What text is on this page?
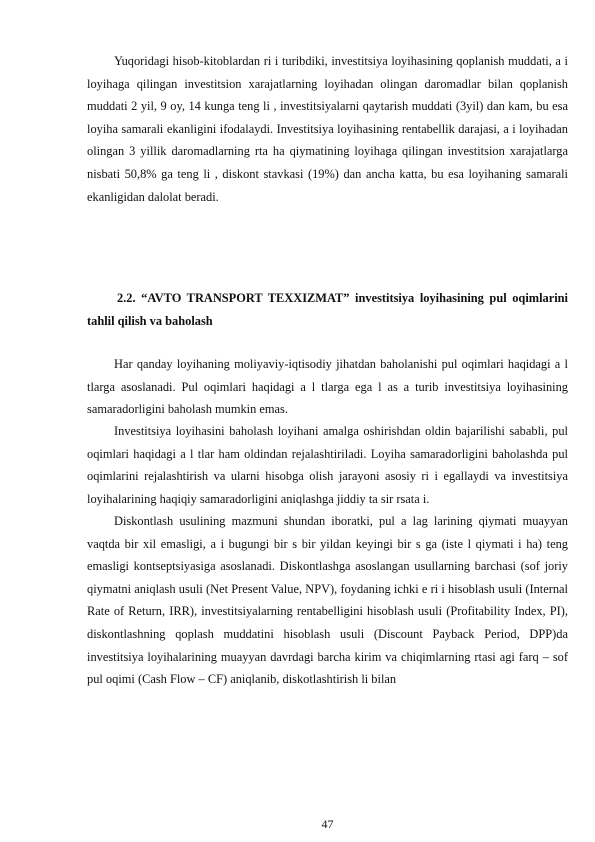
Yuqoridagi hisob-kitoblardan ri i turibdiki, investitsiya loyihasining qoplanish muddati, a i loyihaga qilingan investitsion xarajatlarning loyihadan olingan daromadlar bilan qoplanish muddati 2 yil, 9 oy, 14 kunga teng li , investitsiyalarni qaytarish muddati (3yil) dan kam, bu esa loyiha samarali ekanligini ifodalaydi. Investitsiya loyihasining rentabellik darajasi, a i loyihadan olingan 3 yillik daromadlarning rta ha qiymatining loyihaga qilingan investitsion xarajatlarga nisbati 50,8% ga teng li , diskont stavkasi (19%) dan ancha katta, bu esa loyihaning samarali ekanligidan dalolat beradi.

2.2. “AVTO TRANSPORT TEXXIZMAT” investitsiya loyihasining pul oqimlarini tahlil qilish va baholash

Har qanday loyihaning moliyaviy-iqtisodiy jihatdan baholanishi pul oqimlari haqidagi a l tlarga asoslanadi. Pul oqimlari haqidagi a l tlarga ega l as a turib investitsiya loyihasining samaradorligini baholash mumkin emas.

Investitsiya loyihasini baholash loyihani amalga oshirishdan oldin bajarilishi sababli, pul oqimlari haqidagi a l tlar ham oldindan rejalashtiriladi. Loyiha samaradorligini baholashda pul oqimlarini rejalashtirish va ularni hisobga olish jarayoni asosiy ri i egallaydi va investitsiya loyihalarining haqiqiy samaradorligini aniqlashga jiddiy ta sir rsata i.

Diskontlash usulining mazmuni shundan iboratki, pul a lag larining qiymati muayyan vaqtda bir xil emasligi, a i bugungi bir s bir yildan keyingi bir s ga (iste l qiymati i ha) teng emasligi kontseptsiyasiga asoslanadi. Diskontlashga asoslangan usullarning barchasi (sof joriy qiymatni aniqlash usuli (Net Present Value, NPV), foydaning ichki e ri i hisoblash usuli (Internal Rate of Return, IRR), investitsiyalarning rentabelligini hisoblash usuli (Profitability Index, PI), diskontlashning qoplash muddatini hisoblash usuli (Discount Payback Period, DPP)da investitsiya loyihalarining muayyan davrdagi barcha kirim va chiqimlarning rtasi agi farq – sof pul oqimi (Cash Flow – CF) aniqlanib, diskotlashtirish li bilan

47
